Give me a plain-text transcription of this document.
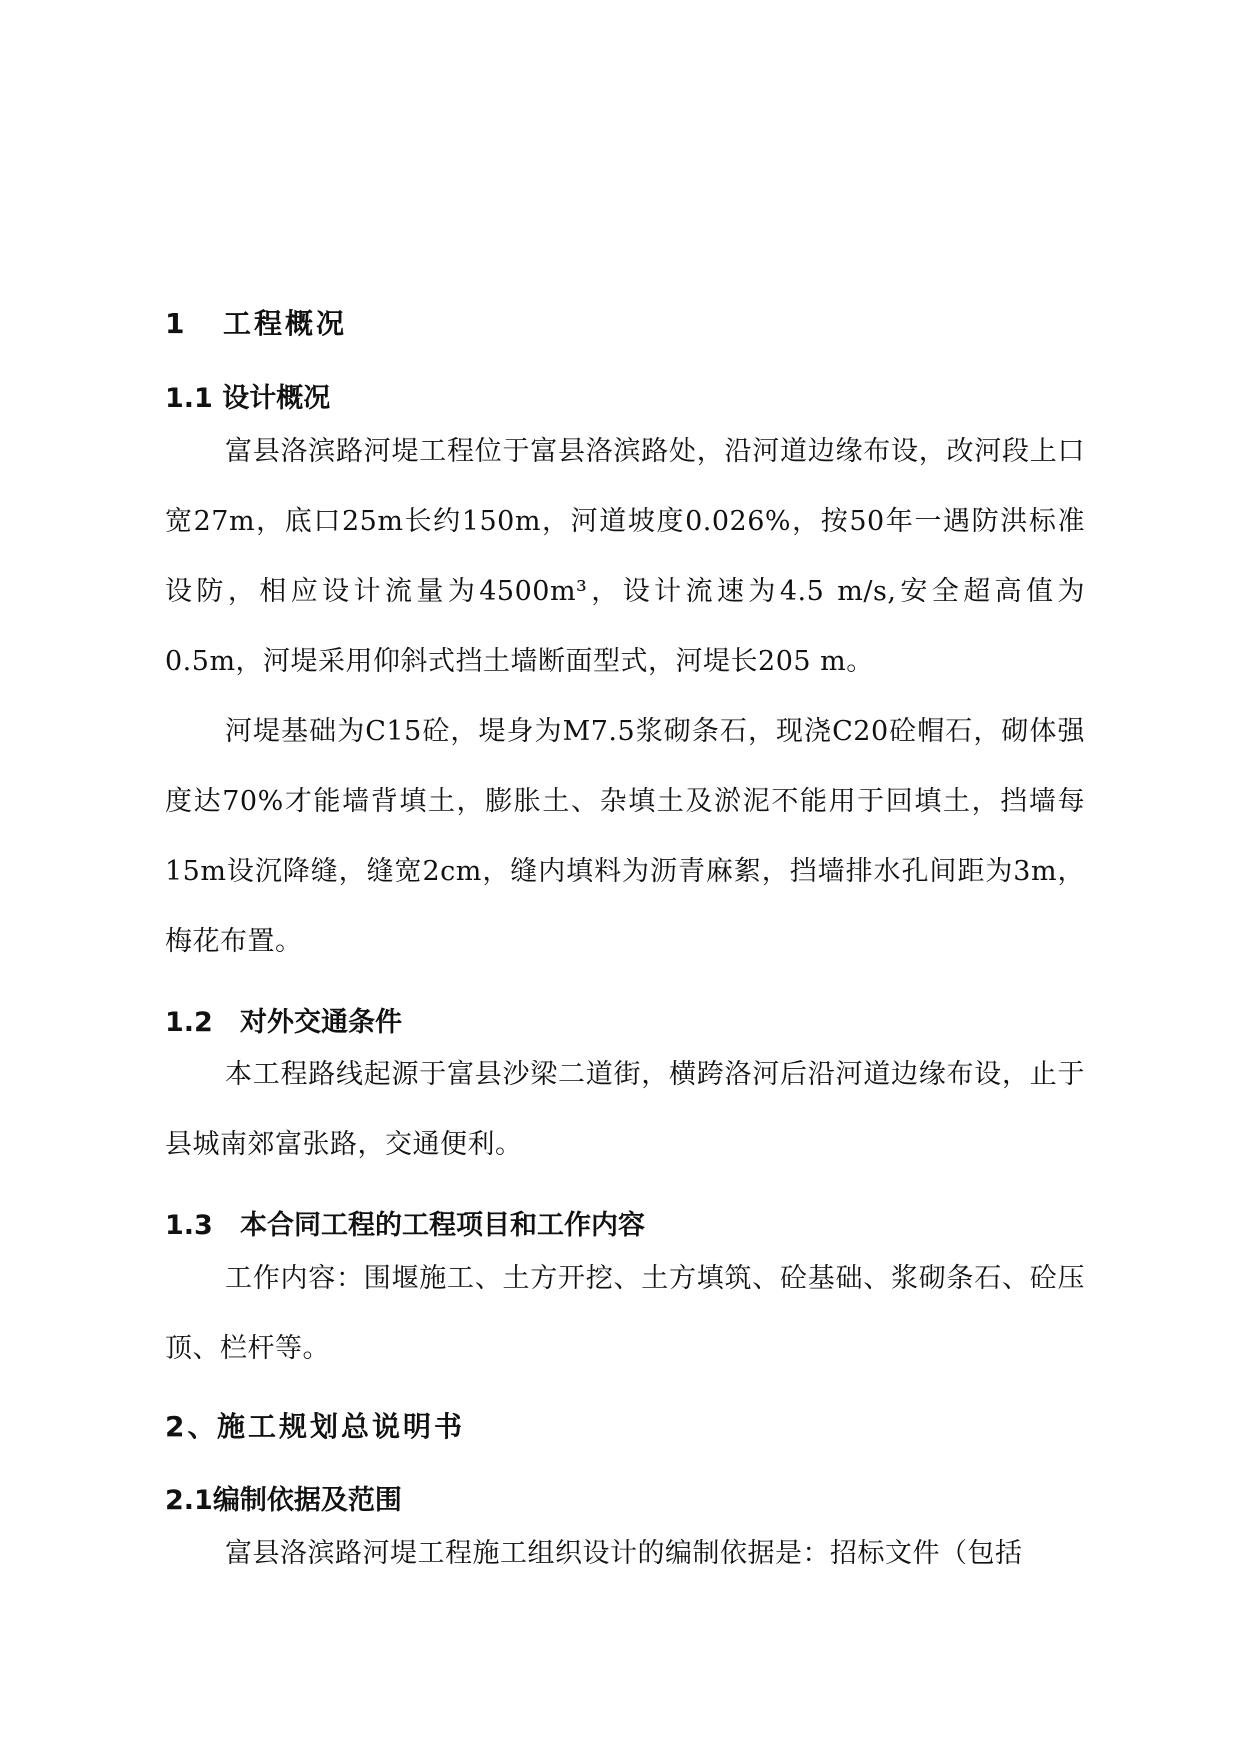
1 工程概况
1.1 设计概况
富县洛滨路河堤工程位于富县洛滨路处，沿河道边缘布设，改河段上口宽27m，底口25m长约150m，河道坡度0.026%，按50年一遇防洪标准设防，相应设计流量为4500m³，设计流速为4.5 m/s,安全超高值为0.5m，河堤采用仰斜式挡土墙断面型式，河堤长205 m。
河堤基础为C15砼，堤身为M7.5浆砌条石，现浇C20砼帽石，砌体强度达70%才能墙背填土，膨胀土、杂填土及淤泥不能用于回填土，挡墙每15m设沉降缝，缝宽2cm，缝内填料为沥青麻絮，挡墙排水孔间距为3m，梅花布置。
1.2 对外交通条件
本工程路线起源于富县沙梁二道街，横跨洛河后沿河道边缘布设，止于县城南郊富张路，交通便利。
1.3 本合同工程的工程项目和工作内容
工作内容：围堰施工、土方开挖、土方填筑、砼基础、浆砌条石、砼压顶、栏杆等。
2、施工规划总说明书
2.1编制依据及范围
富县洛滨路河堤工程施工组织设计的编制依据是：招标文件（包括
